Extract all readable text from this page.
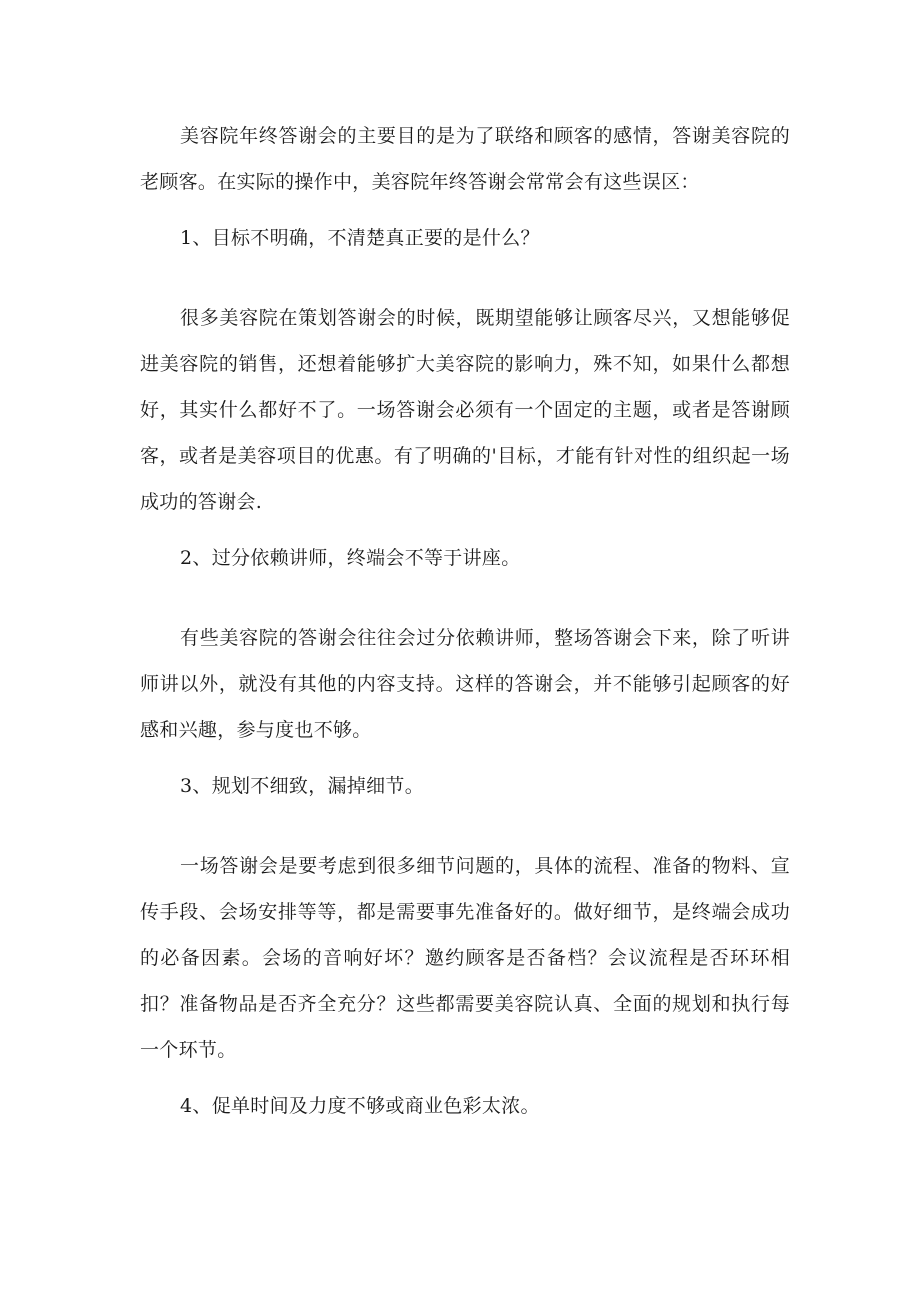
美容院年终答谢会的主要目的是为了联络和顾客的感情，答谢美容院的老顾客。在实际的操作中，美容院年终答谢会常常会有这些误区：

1、目标不明确，不清楚真正要的是什么？

很多美容院在策划答谢会的时候，既期望能够让顾客尽兴，又想能够促进美容院的销售，还想着能够扩大美容院的影响力，殊不知，如果什么都想好，其实什么都好不了。一场答谢会必须有一个固定的主题，或者是答谢顾客，或者是美容项目的优惠。有了明确的'目标，才能有针对性的组织起一场成功的答谢会.

2、过分依赖讲师，终端会不等于讲座。

有些美容院的答谢会往往会过分依赖讲师，整场答谢会下来，除了听讲师讲以外，就没有其他的内容支持。这样的答谢会，并不能够引起顾客的好感和兴趣，参与度也不够。

3、规划不细致，漏掉细节。

一场答谢会是要考虑到很多细节问题的，具体的流程、准备的物料、宣传手段、会场安排等等，都是需要事先准备好的。做好细节，是终端会成功的必备因素。会场的音响好坏？邀约顾客是否备档？会议流程是否环环相扣？准备物品是否齐全充分？这些都需要美容院认真、全面的规划和执行每一个环节。

4、促单时间及力度不够或商业色彩太浓。
